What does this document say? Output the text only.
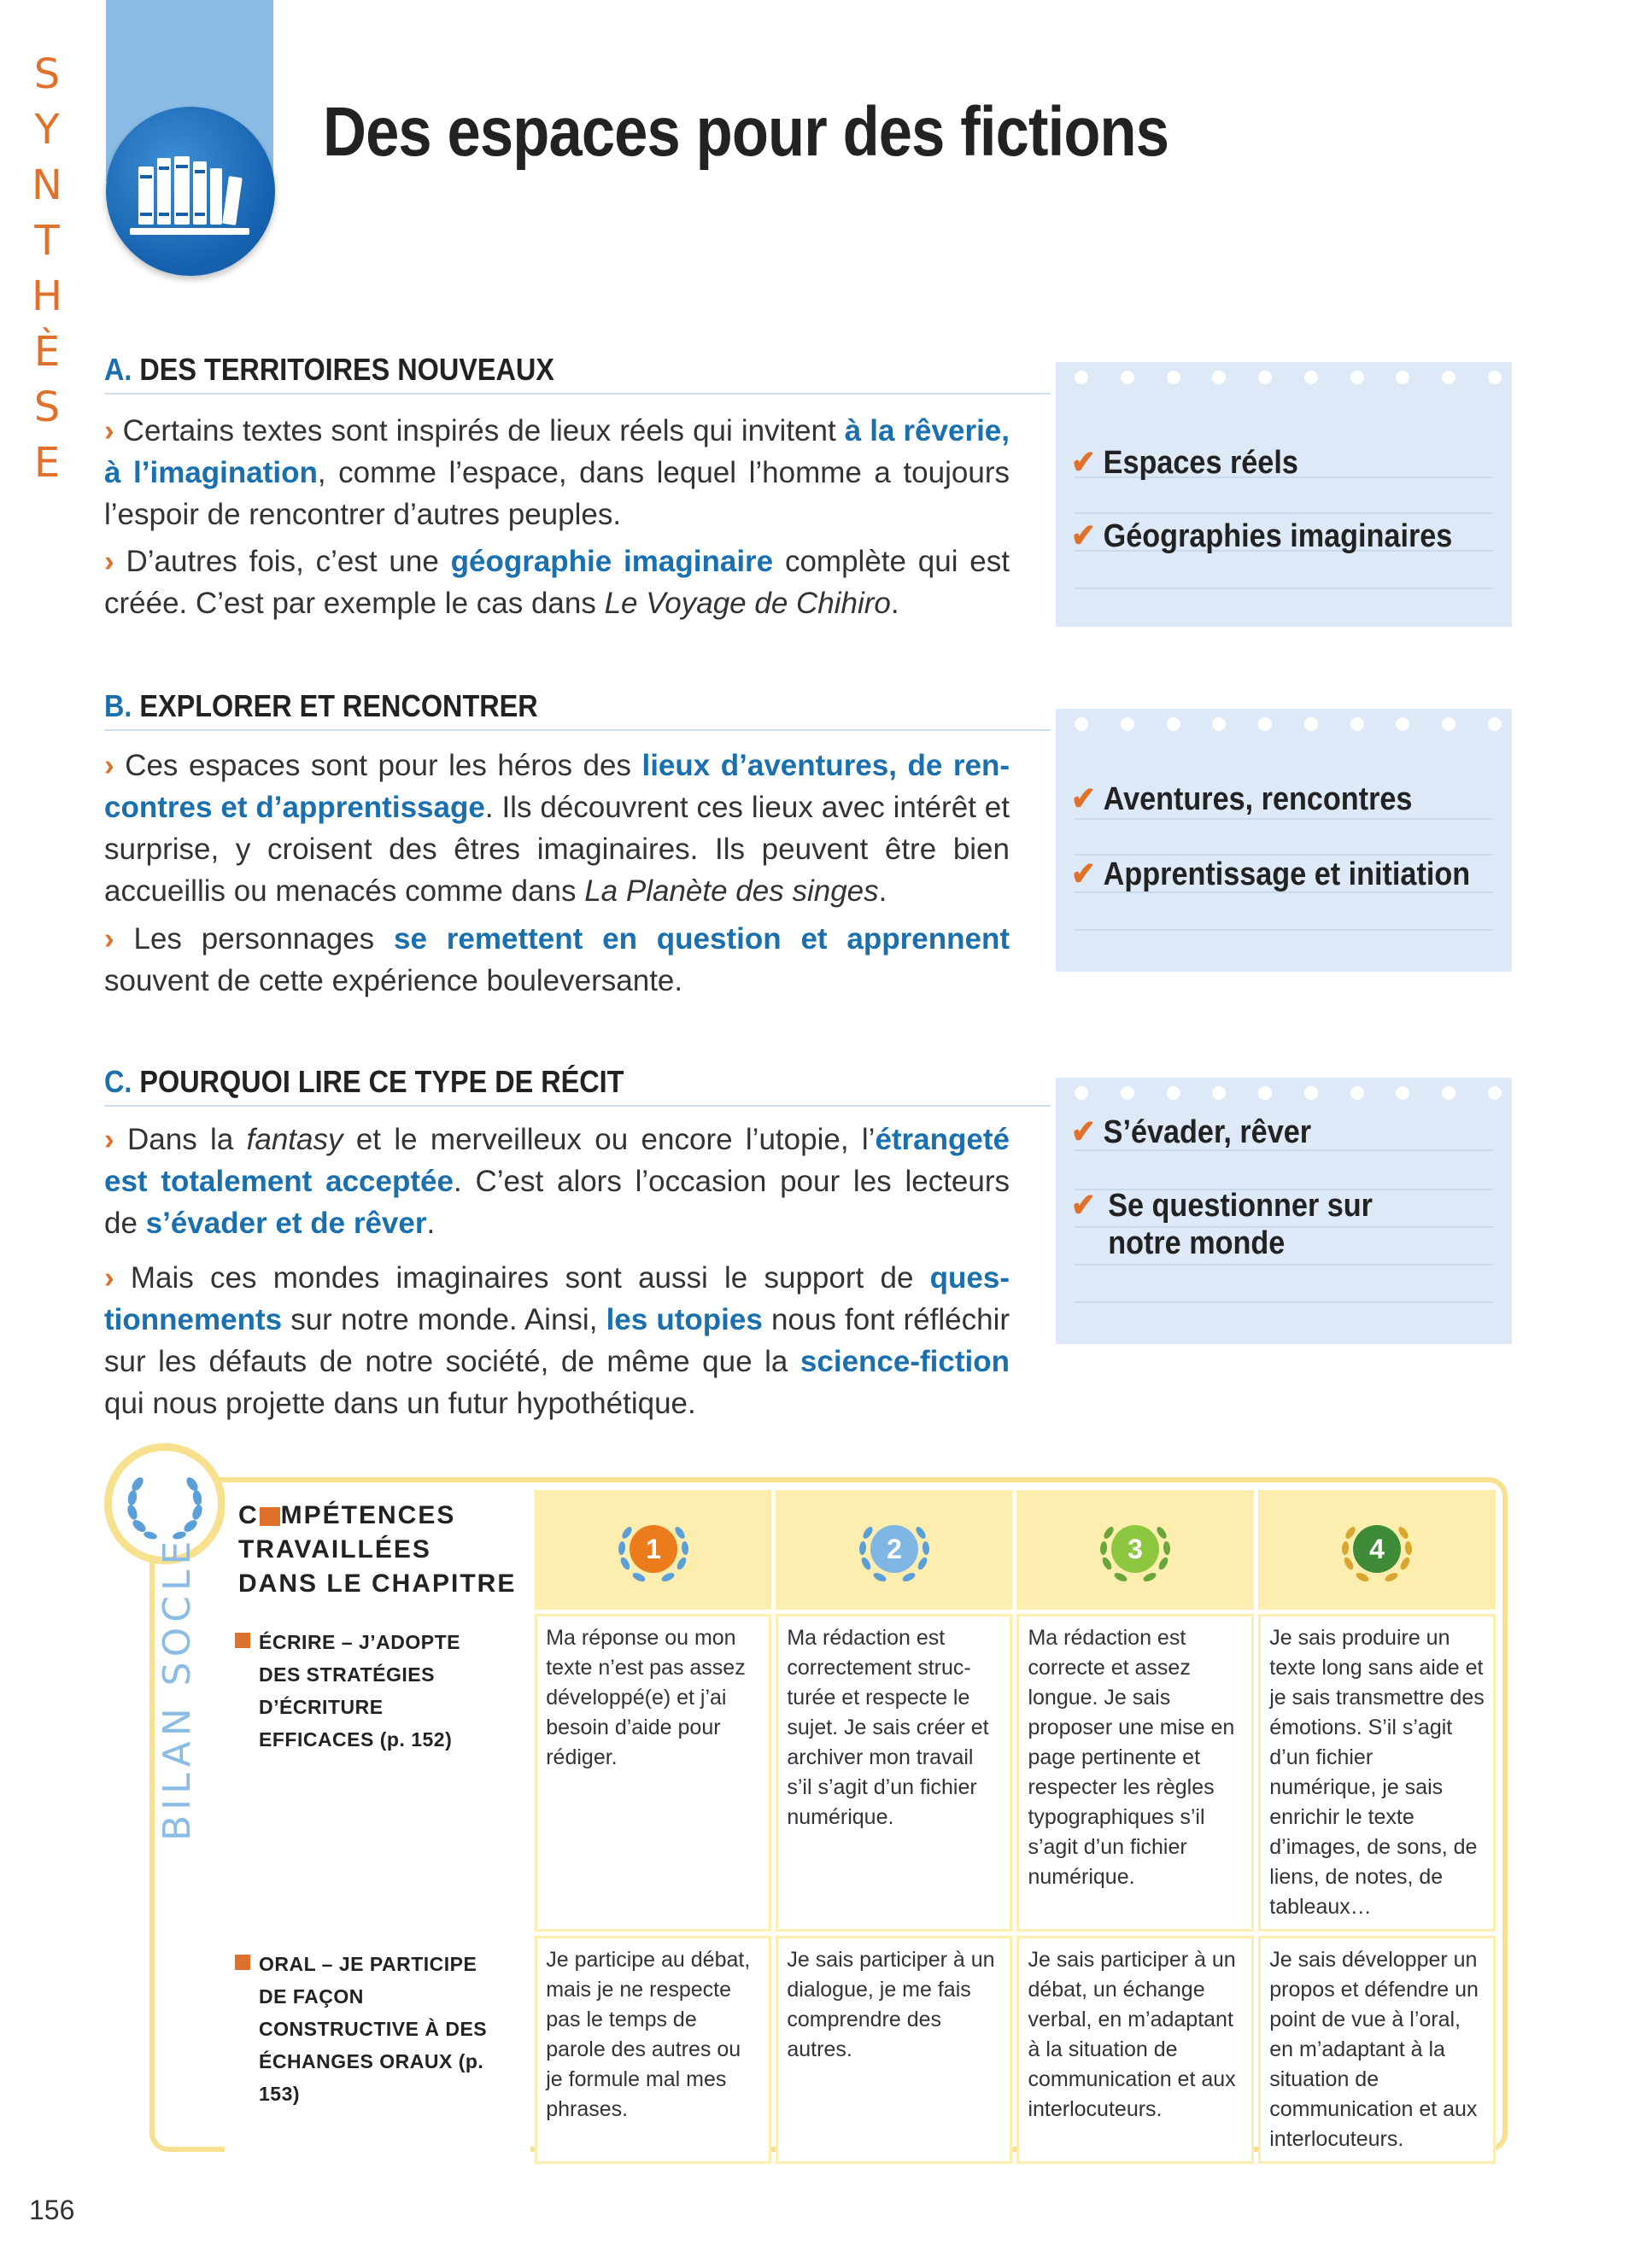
S
Y
N
T
H
È
S
E
Des espaces pour des fictions
A. DES TERRITOIRES NOUVEAUX
› Certains textes sont inspirés de lieux réels qui invitent à la rêverie, à l’imagination, comme l’espace, dans lequel l’homme a toujours l’espoir de rencontrer d’autres peuples.
› D’autres fois, c’est une géographie imaginaire complète qui est créée. C’est par exemple le cas dans Le Voyage de Chihiro.
✔ Espaces réels
✔ Géographies imaginaires
B. EXPLORER ET RENCONTRER
› Ces espaces sont pour les héros des lieux d’aventures, de rencontres et d’apprentissage. Ils découvrent ces lieux avec intérêt et surprise, y croisent des êtres imaginaires. Ils peuvent être bien accueillis ou menacés comme dans La Planète des singes.
› Les personnages se remettent en question et apprennent souvent de cette expérience bouleversante.
✔ Aventures, rencontres
✔ Apprentissage et initiation
C. POURQUOI LIRE CE TYPE DE RÉCIT
› Dans la fantasy et le merveilleux ou encore l’utopie, l’étrangeté est totalement acceptée. C’est alors l’occasion pour les lecteurs de s’évader et de rêver.
› Mais ces mondes imaginaires sont aussi le support de questionnements sur notre monde. Ainsi, les utopies nous font réfléchir sur les défauts de notre société, de même que la science-fiction qui nous projette dans un futur hypothétique.
✔ S’évader, rêver
✔ Se questionner sur notre monde
BILAN SOCLE
C MPÉTENCES
TRAVAILLÉES
DANS LE CHAPITRE	1	2	3	4

ÉCRIRE – J’ADOPTE DES STRATÉGIES D’ÉCRITURE EFFICACES (p. 152)	Ma réponse ou mon texte n’est pas assez développé(e) et j’ai besoin d’aide pour rédiger.	Ma rédaction est correctement structurée et respecte le sujet. Je sais créer et archiver mon travail s’il s’agit d’un fichier numérique.	Ma rédaction est correcte et assez longue. Je sais proposer une mise en page pertinente et respecter les règles typographiques s’il s’agit d’un fichier numérique.	Je sais produire un texte long sans aide et je sais transmettre des émotions. S’il s’agit d’un fichier numérique, je sais enrichir le texte d’images, de sons, de liens, de notes, de tableaux…
ORAL – JE PARTICIPE DE FAÇON CONSTRUCTIVE À DES ÉCHANGES ORAUX (p. 153)	Je participe au débat, mais je ne respecte pas le temps de parole des autres ou je formule mal mes phrases.	Je sais participer à un dialogue, je me fais comprendre des autres.	Je sais participer à un débat, un échange verbal, en m’adaptant à la situation de communication et aux interlocuteurs.	Je sais développer un propos et défendre un point de vue à l’oral, en m’adaptant à la situation de communication et aux interlocuteurs.
156
